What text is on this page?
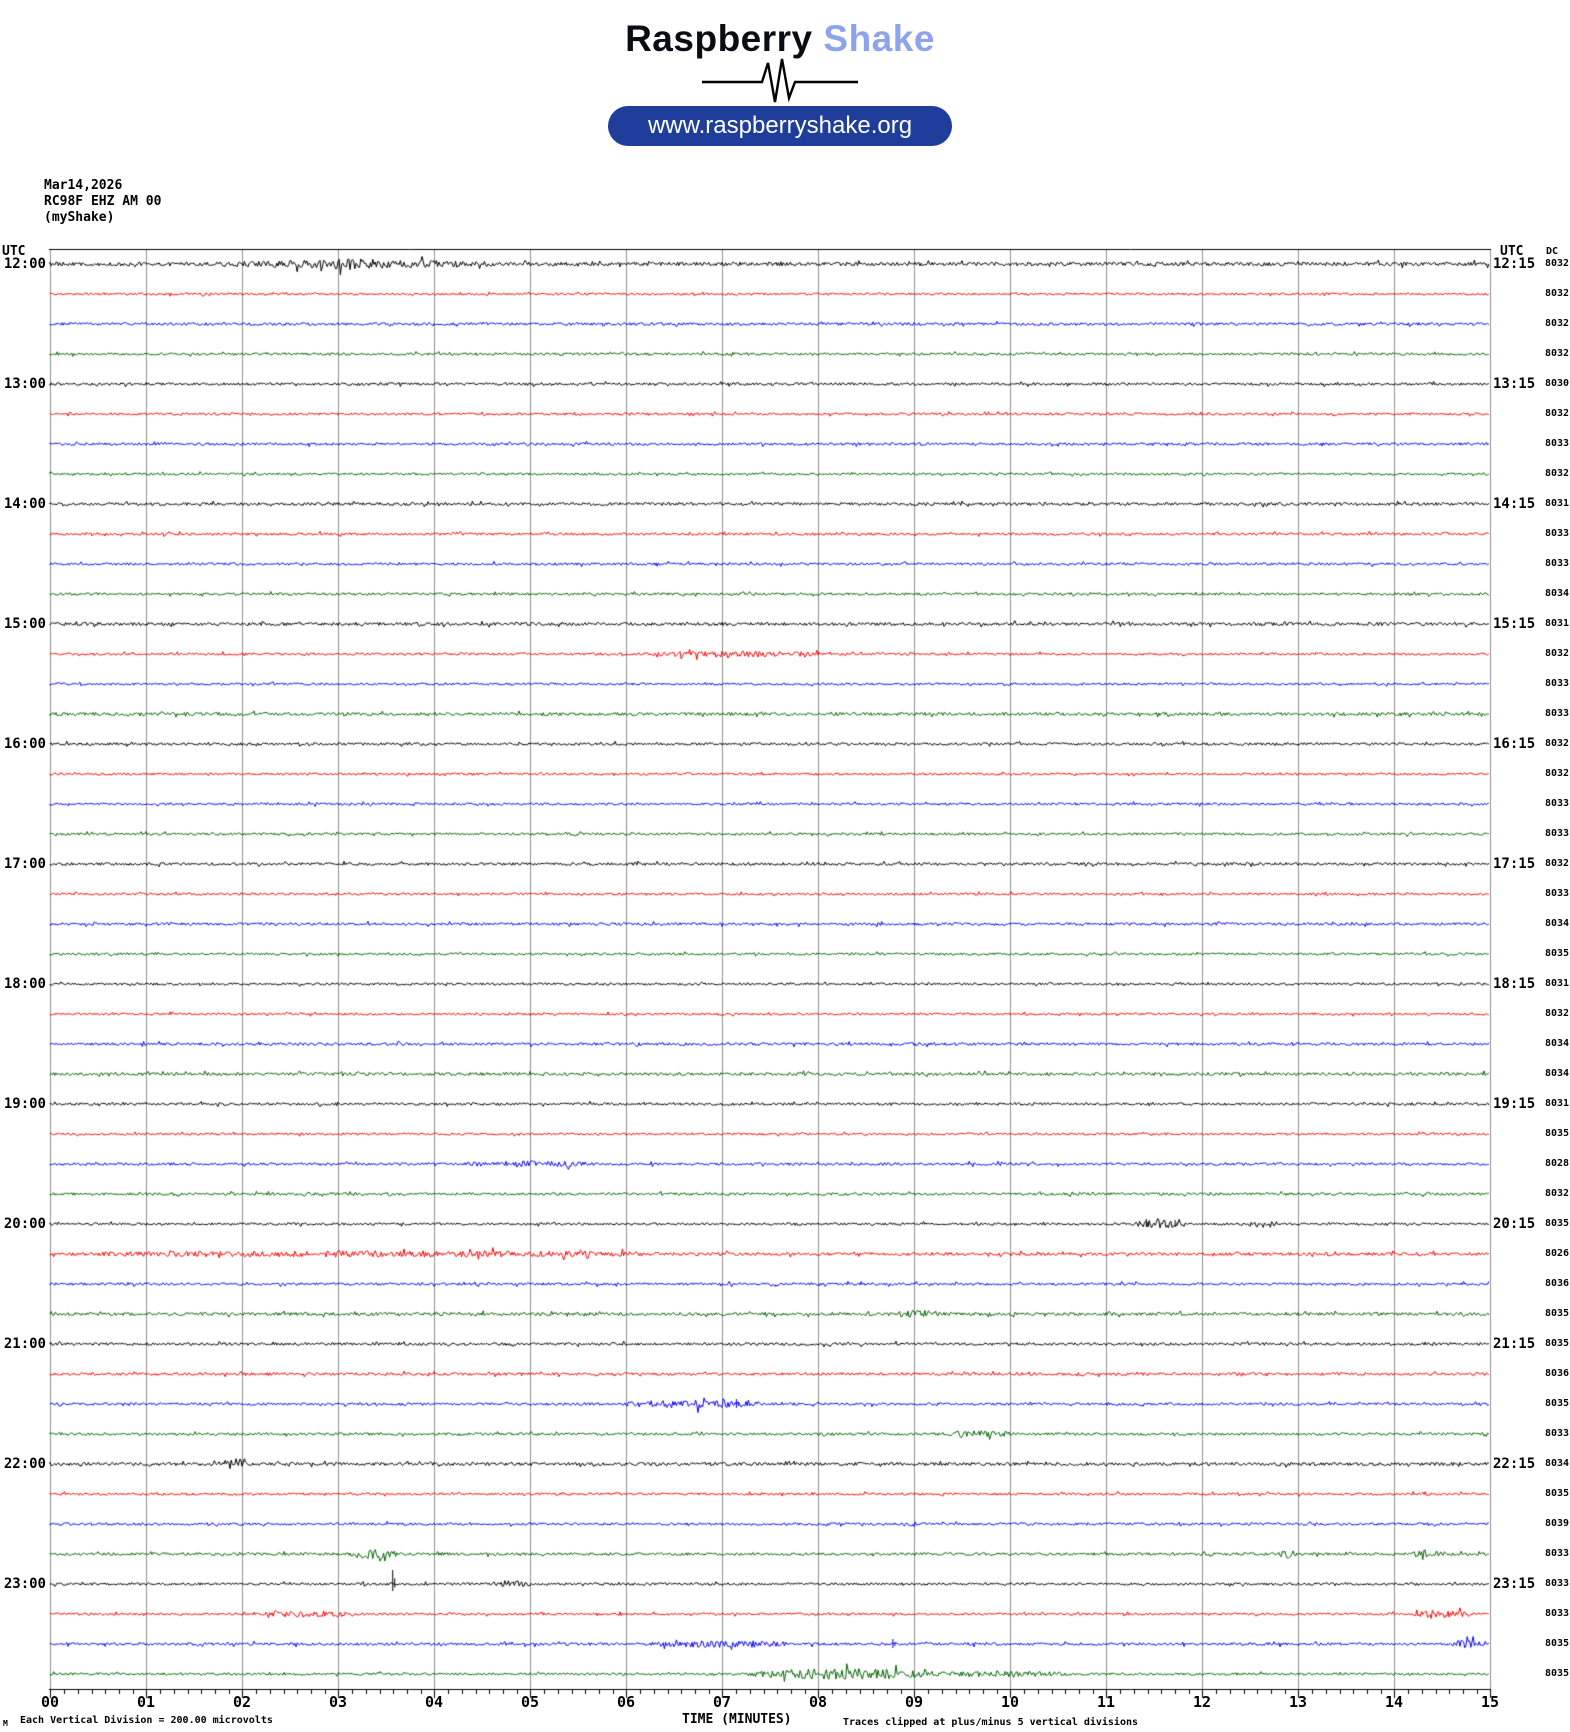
UTC	UTC DC
12:00	12:15 8032
8032
8032
8032
13:00	13:15 8030
8032
8033
8032
14:00	14:15 8031
8033
8033
8034
15:00	15:15 8031
8032
8033
8033
16:00	16:15 8032
8032
8033
8033
17:00	17:15 8032
8033
8034
8035
18:00	18:15 8031
8032
8034
8034
19:00	19:15 8031
8035
8028
8032
20:00	20:15 8035
8026
8036
8035
21:00	21:15 8035
8036
8035
8033
22:00	22:15 8034
8035
8039
8033
23:00	23:15 8033
8033
8035
8035
00	01	02	03	04	05	06	07	08	09	10	11	12	13	14	15
TIME (MINUTES)
M Each Vertical Division = 200.00 microvolts	Traces clipped at plus/minus 5 vertical divisions
